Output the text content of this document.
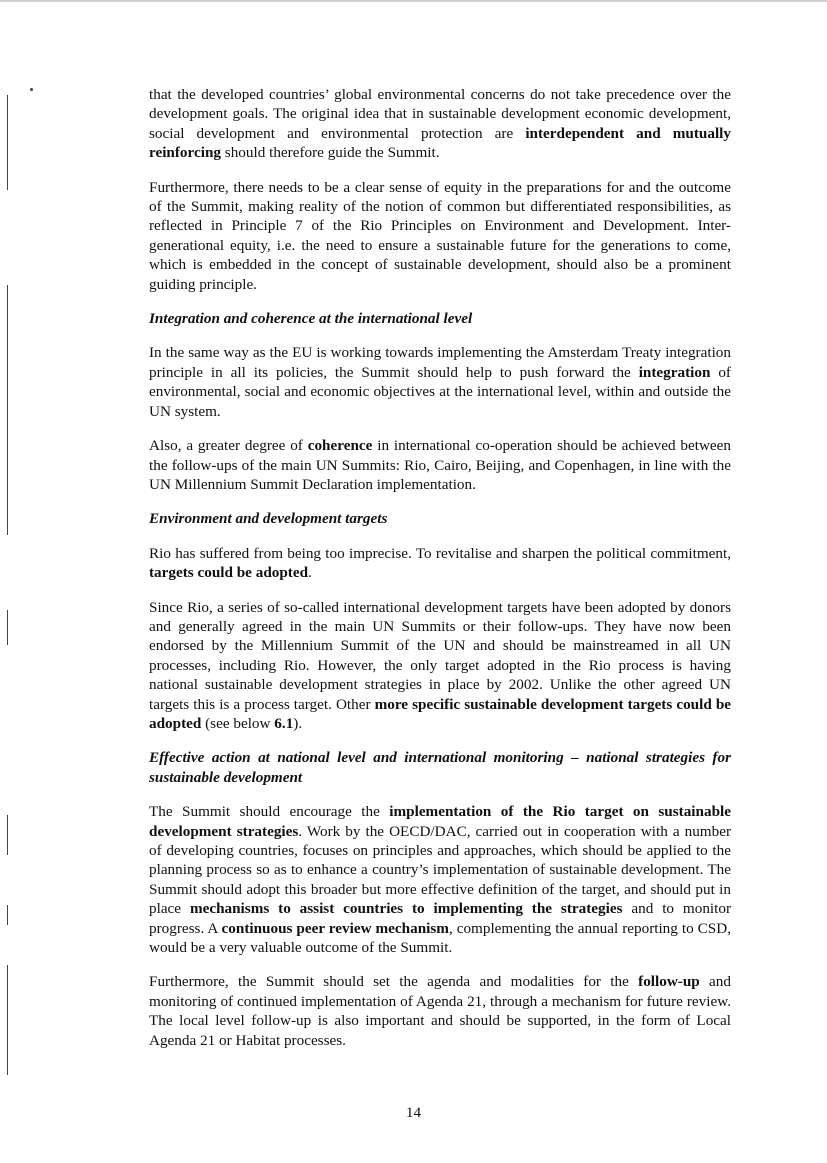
that the developed countries’ global environmental concerns do not take precedence over the development goals. The original idea that in sustainable development economic development, social development and environmental protection are interdependent and mutually reinforcing should therefore guide the Summit.

Furthermore, there needs to be a clear sense of equity in the preparations for and the outcome of the Summit, making reality of the notion of common but differentiated responsibilities, as reflected in Principle 7 of the Rio Principles on Environment and Development. Inter-generational equity, i.e. the need to ensure a sustainable future for the generations to come, which is embedded in the concept of sustainable development, should also be a prominent guiding principle.

Integration and coherence at the international level

In the same way as the EU is working towards implementing the Amsterdam Treaty integration principle in all its policies, the Summit should help to push forward the integration of environmental, social and economic objectives at the international level, within and outside the UN system.

Also, a greater degree of coherence in international co-operation should be achieved between the follow-ups of the main UN Summits: Rio, Cairo, Beijing, and Copenhagen, in line with the UN Millennium Summit Declaration implementation.

Environment and development targets

Rio has suffered from being too imprecise. To revitalise and sharpen the political commitment, targets could be adopted.

Since Rio, a series of so-called international development targets have been adopted by donors and generally agreed in the main UN Summits or their follow-ups. They have now been endorsed by the Millennium Summit of the UN and should be mainstreamed in all UN processes, including Rio. However, the only target adopted in the Rio process is having national sustainable development strategies in place by 2002. Unlike the other agreed UN targets this is a process target. Other more specific sustainable development targets could be adopted (see below 6.1).

Effective action at national level and international monitoring – national strategies for sustainable development

The Summit should encourage the implementation of the Rio target on sustainable development strategies. Work by the OECD/DAC, carried out in cooperation with a number of developing countries, focuses on principles and approaches, which should be applied to the planning process so as to enhance a country’s implementation of sustainable development. The Summit should adopt this broader but more effective definition of the target, and should put in place mechanisms to assist countries to implementing the strategies and to monitor progress. A continuous peer review mechanism, complementing the annual reporting to CSD, would be a very valuable outcome of the Summit.

Furthermore, the Summit should set the agenda and modalities for the follow-up and monitoring of continued implementation of Agenda 21, through a mechanism for future review. The local level follow-up is also important and should be supported, in the form of Local Agenda 21 or Habitat processes.

14
